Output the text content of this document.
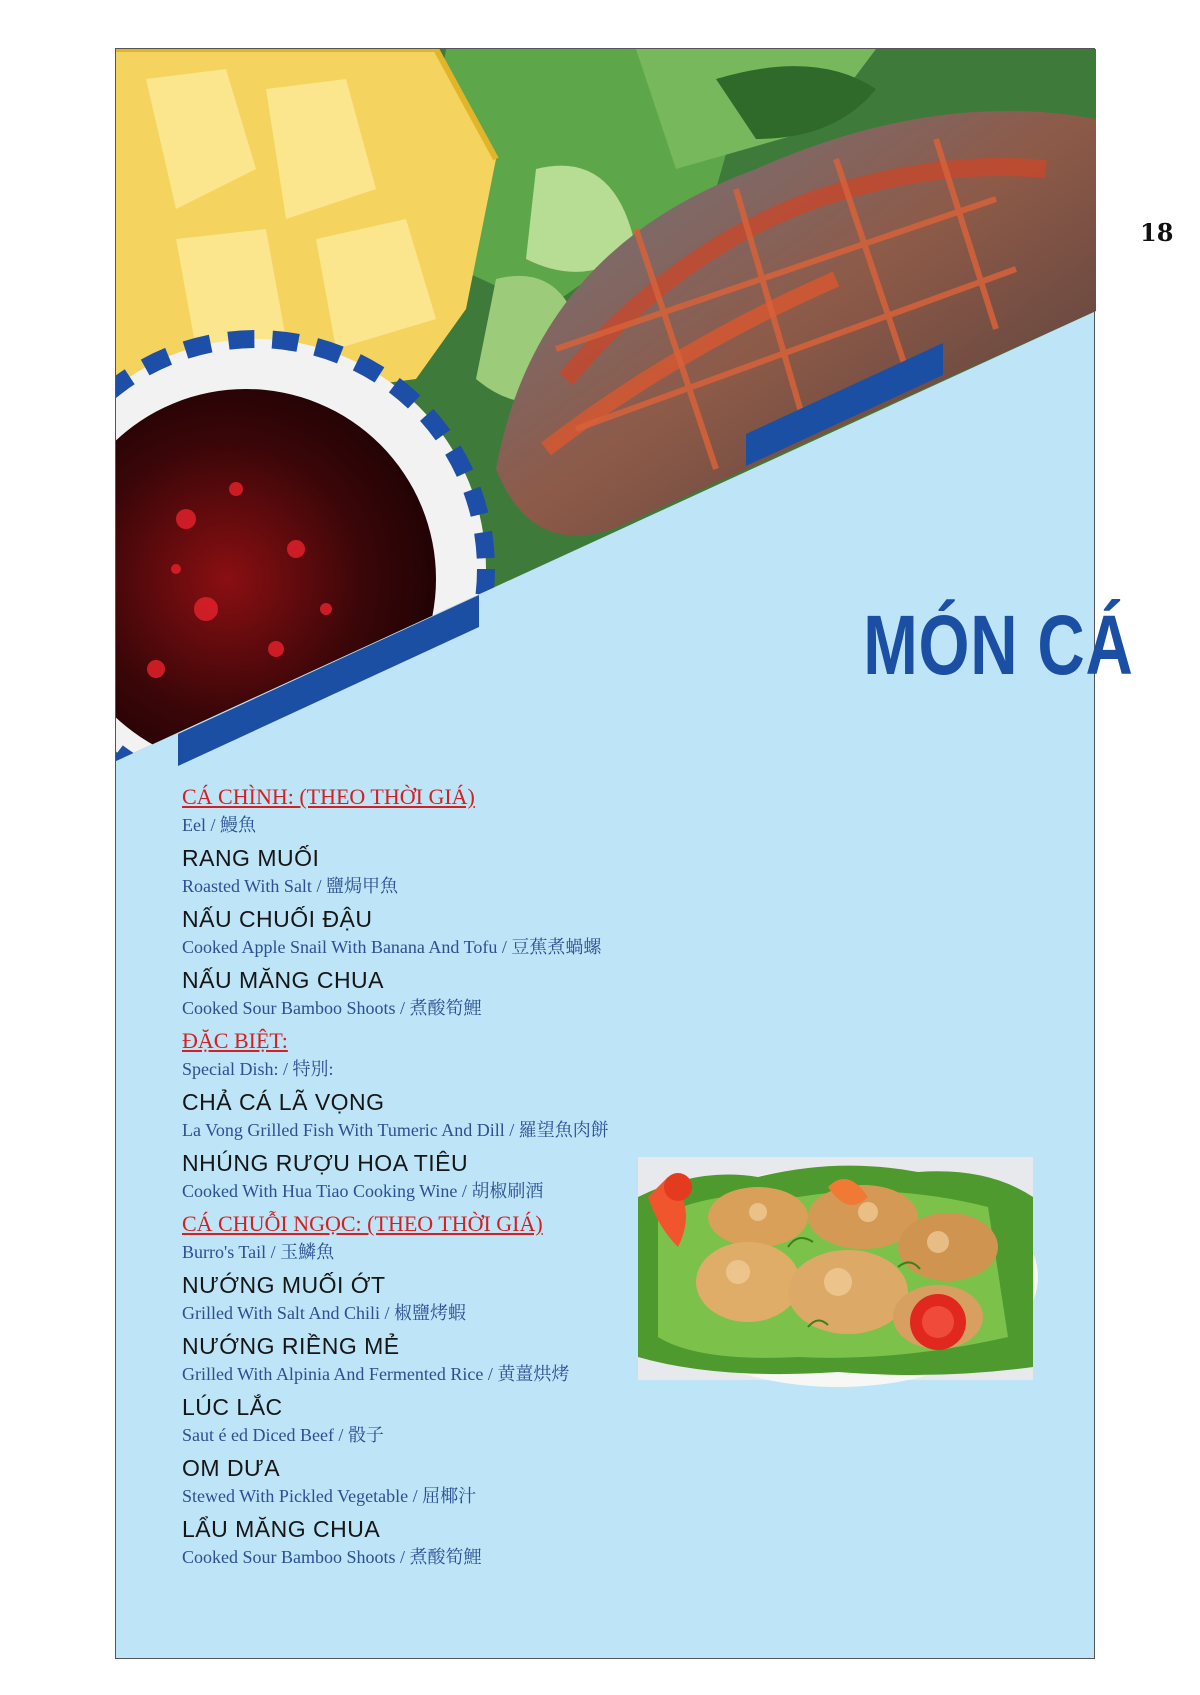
18
MÓN CÁ
CÁ CHÌNH: (THEO THỜI GIÁ)
Eel / 鰻魚
RANG MUỐI
Roasted With Salt / 鹽焗甲魚
NẤU CHUỐI ĐẬU
Cooked Apple Snail With Banana And Tofu / 豆蕉煮蝸螺
NẤU MĂNG CHUA
Cooked Sour Bamboo Shoots / 煮酸筍鯉
ĐẶC BIỆT:
Special Dish: / 特別:
CHẢ CÁ LÃ VỌNG
La Vong Grilled Fish With Tumeric And Dill / 羅望魚肉餅
NHÚNG RƯỢU HOA TIÊU
Cooked With Hua Tiao Cooking Wine / 胡椒刷酒
CÁ CHUỖI NGỌC: (THEO THỜI GIÁ)
Burro's Tail / 玉鱗魚
NƯỚNG MUỐI ỚT
Grilled With Salt And Chili / 椒鹽烤蝦
NƯỚNG RIỀNG MẺ
Grilled With Alpinia And Fermented Rice / 黄薑烘烤
LÚC LẮC
Saut é ed Diced Beef / 骰子
OM DƯA
Stewed With Pickled Vegetable / 屈椰汁
LẨU MĂNG CHUA
Cooked Sour Bamboo Shoots / 煮酸筍鯉
